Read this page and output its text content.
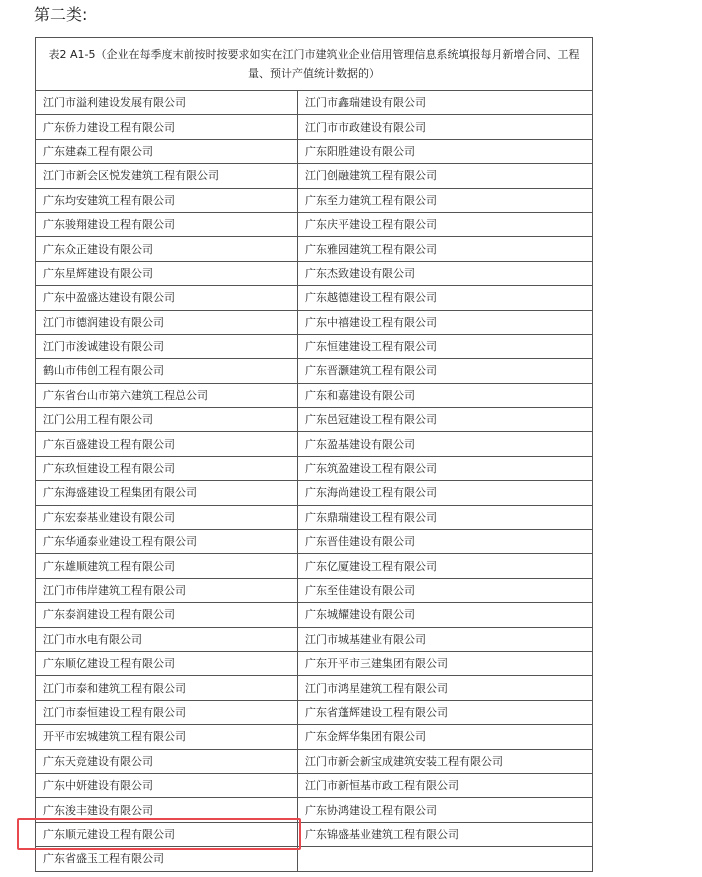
第二类:
表2 A1-5（企业在每季度末前按时按要求如实在江门市建筑业企业信用管理信息系统填报每月新增合同、工程量、预计产值统计数据的）	
江门市溢利建设发展有限公司	江门市鑫瑞建设有限公司
广东侨力建设工程有限公司	江门市市政建设有限公司
广东建森工程有限公司	广东阳胜建设有限公司
江门市新会区悦发建筑工程有限公司	江门创融建筑工程有限公司
广东均安建筑工程有限公司	广东至力建筑工程有限公司
广东骏翔建设工程有限公司	广东庆平建设工程有限公司
广东众正建设有限公司	广东雅园建筑工程有限公司
广东星辉建设有限公司	广东杰致建设有限公司
广东中盈盛达建设有限公司	广东越德建设工程有限公司
江门市德润建设有限公司	广东中禧建设工程有限公司
江门市浚诚建设有限公司	广东恒建建设工程有限公司
鹤山市伟创工程有限公司	广东晋灏建筑工程有限公司
广东省台山市第六建筑工程总公司	广东和嘉建设有限公司
江门公用工程有限公司	广东邑冠建设工程有限公司
广东百盛建设工程有限公司	广东盈基建设有限公司
广东玖恒建设工程有限公司	广东筑盈建设工程有限公司
广东海盛建设工程集团有限公司	广东海尚建设工程有限公司
广东宏泰基业建设有限公司	广东鼎瑞建设工程有限公司
广东华通泰业建设工程有限公司	广东晋佳建设有限公司
广东雄顺建筑工程有限公司	广东亿厦建设工程有限公司
江门市伟岸建筑工程有限公司	广东至佳建设有限公司
广东泰润建设工程有限公司	广东城耀建设有限公司
江门市水电有限公司	江门市城基建业有限公司
广东顺亿建设工程有限公司	广东开平市三建集团有限公司
江门市泰和建筑工程有限公司	江门市鸿星建筑工程有限公司
江门市泰恒建设工程有限公司	广东省蓬辉建设工程有限公司
开平市宏城建筑工程有限公司	广东金辉华集团有限公司
广东天竞建设有限公司	江门市新会新宝成建筑安装工程有限公司
广东中妍建设有限公司	江门市新恒基市政工程有限公司
广东浚丰建设有限公司	广东协鸿建设工程有限公司
广东顺元建设工程有限公司	广东锦盛基业建筑工程有限公司
广东省盛玉工程有限公司	
